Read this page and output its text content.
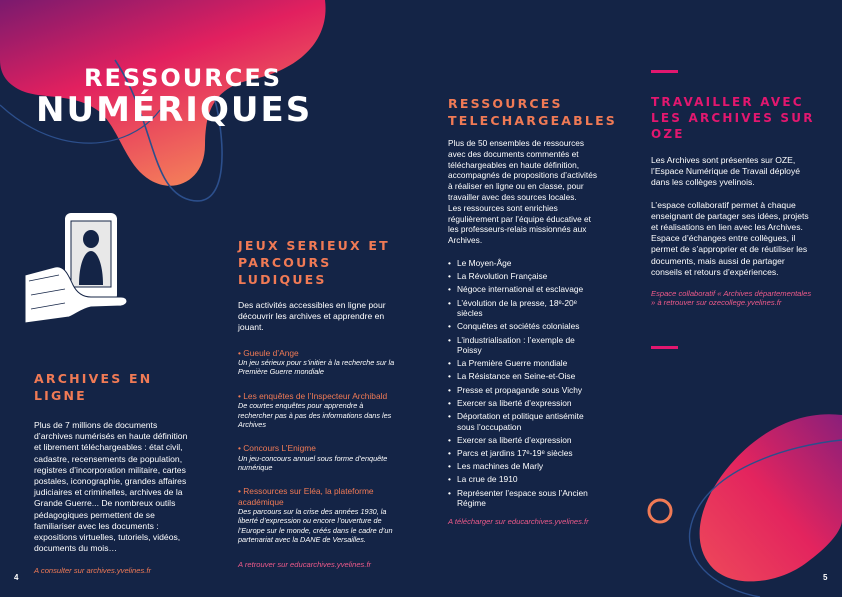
RESSOURCES
NUMÉRIQUES
ARCHIVES EN LIGNE

Plus de 7 millions de documents d’archives numérisés en haute définition et librement téléchargeables : état civil, cadastre, recensements de population, registres d’incorporation militaire, cartes postales, iconographie, grandes affaires judiciaires et criminelles, archives de la Grande Guerre... De nombreux outils pédagogiques permettent de se familiariser avec les documents : expositions virtuelles, tutoriels, vidéos, documents du mois…

A consulter sur archives.yvelines.fr

JEUX SERIEUX ET
PARCOURS LUDIQUES

Des activités accessibles en ligne pour découvrir les archives et apprendre en jouant.

• Gueule d’Ange

Un jeu sérieux pour s’initier à la recherche sur la Première Guerre mondiale

• Les enquêtes de l’Inspecteur Archibald

De courtes enquêtes pour apprendre à rechercher pas à pas des informations dans les Archives

• Concours L’Enigme

Un jeu-concours annuel sous forme d’enquête numérique

• Ressources sur Eléa, la plateforme académique

Des parcours sur la crise des années 1930, la liberté d’expression ou encore l’ouverture de l’Europe sur le monde, créés dans le cadre d’un partenariat avec la DANE de Versailles.

A retrouver sur educarchives.yvelines.fr

RESSOURCES
TELECHARGEABLES

Plus de 50 ensembles de ressources avec des documents commentés et téléchargeables en haute définition, accompagnés de propositions d’activités à réaliser en ligne ou en classe, pour travailler avec des sources locales.

Les ressources sont enrichies régulièrement par l’équipe éducative et les professeurs-relais missionnés aux Archives.

• Le Moyen-Âge
• La Révolution Française
• Négoce international et esclavage
• L’évolution de la presse, 18ᵉ-20ᵉ siècles
• Conquêtes et sociétés coloniales
• L’industrialisation : l’exemple de Poissy
• La Première Guerre mondiale
• La Résistance en Seine-et-Oise
• Presse et propagande sous Vichy
• Exercer sa liberté d’expression
• Déportation et politique antisémite sous l’occupation
• Exercer sa liberté d’expression
• Parcs et jardins 17ᵉ-19ᵉ siècles
• Les machines de Marly
• La crue de 1910
• Représenter l’espace sous l’Ancien Régime

A télécharger sur educarchives.yvelines.fr

TRAVAILLER AVEC
LES ARCHIVES SUR
OZE

Les Archives sont présentes sur OZE, l’Espace Numérique de Travail déployé dans les collèges yvelinois.

L’espace collaboratif permet à chaque enseignant de partager ses idées, projets et réalisations en lien avec les Archives. Espace d’échanges entre collègues, il permet de s’approprier et de réutiliser les documents, mais aussi de partager conseils et retours d’expériences.

Espace collaboratif « Archives départementales » à retrouver sur ozecollege.yvelines.fr

4	5
